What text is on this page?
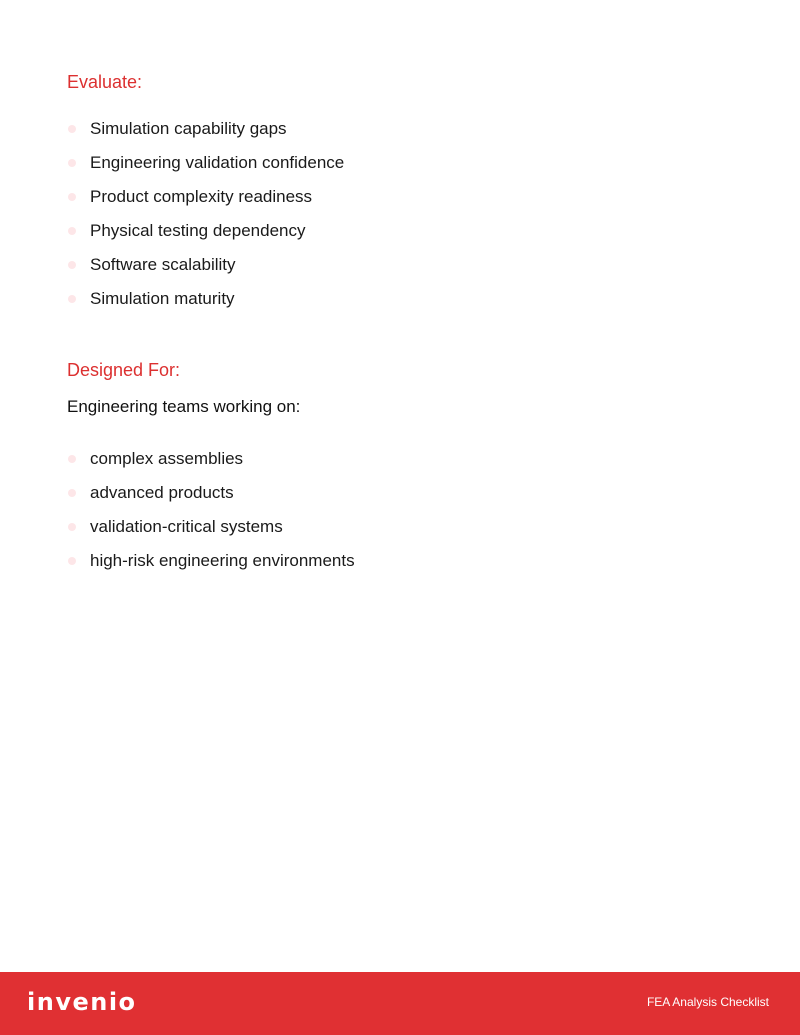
Evaluate:
Simulation capability gaps
Engineering validation confidence
Product complexity readiness
Physical testing dependency
Software scalability
Simulation maturity
Designed For:

Engineering teams working on:

complex assemblies
advanced products
validation-critical systems
high-risk engineering environments
invenio	FEA Analysis Checklist
